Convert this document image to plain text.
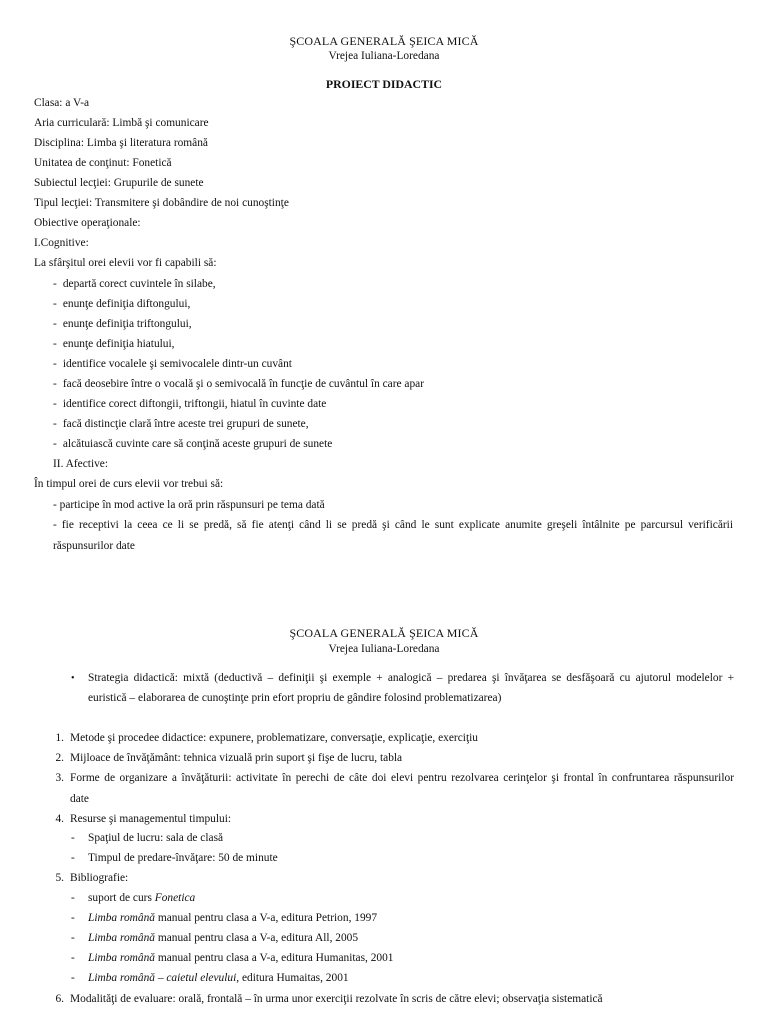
ŞCOALA GENERALĂ ŞEICA MICĂ
Vrejea Iuliana-Loredana
PROIECT DIDACTIC
Clasa: a V-a
Aria curriculară: Limbă şi comunicare
Disciplina: Limba şi literatura română
Unitatea de conţinut: Fonetică
Subiectul lecţiei: Grupurile de sunete
Tipul lecţiei: Transmitere şi dobândire de noi cunoştinţe
Obiective operaţionale:
I.Cognitive:
La sfârşitul orei elevii vor fi capabili să:
- departă corect cuvintele în silabe,
- enunţe definiţia diftongului,
- enunţe definiţia triftongului,
- enunţe definiţia hiatului,
- identifice vocalele şi semivocalele dintr-un cuvânt
- facă deosebire între o vocală şi o semivocală în funcţie de cuvântul în care apar
- identifice corect diftongii, triftongii, hiatul în cuvinte date
- facă distincţie clară între aceste trei grupuri de sunete,
- alcătuiască cuvinte care să conţină aceste grupuri de sunete
II. Afective:
În timpul orei de curs elevii vor trebui să:
- participe în mod active la oră prin răspunsuri pe tema dată
- fie receptivi la ceea ce li se predă, să fie atenţi când li se predă şi când le sunt explicate anumite greşeli întâlnite pe parcursul verificării
răspunsurilor date
ŞCOALA GENERALĂ ŞEICA MICĂ
Vrejea Iuliana-Loredana
• Strategia didactică: mixtă (deductivă – definiţii şi exemple + analogică – predarea şi învăţarea se desfăşoară cu ajutorul modelelor +
euristică – elaborarea de cunoştinţe prin efort propriu de gândire folosind problematizarea)
1. Metode şi procedee didactice: expunere, problematizare, conversaţie, explicaţie, exerciţiu
2. Mijloace de învăţământ: tehnica vizuală prin suport şi fişe de lucru, tabla
3. Forme de organizare a învăţăturii: activitate în perechi de câte doi elevi pentru rezolvarea cerinţelor şi frontal în confruntarea răspunsurilor
date
4. Resurse şi managementul timpului:
- Spaţiul de lucru: sala de clasă
- Timpul de predare-învăţare: 50 de minute
5. Bibliografie:
- suport de curs Fonetica
- Limba română manual pentru clasa a V-a, editura Petrion, 1997
- Limba română manual pentru clasa a V-a, editura All, 2005
- Limba română manual pentru clasa a V-a, editura Humanitas, 2001
- Limba română – caietul elevului, editura Humaitas, 2001
6. Modalităţi de evaluare: orală, frontală – în urma unor exerciţii rezolvate în scris de către elevi; observaţia sistematică
